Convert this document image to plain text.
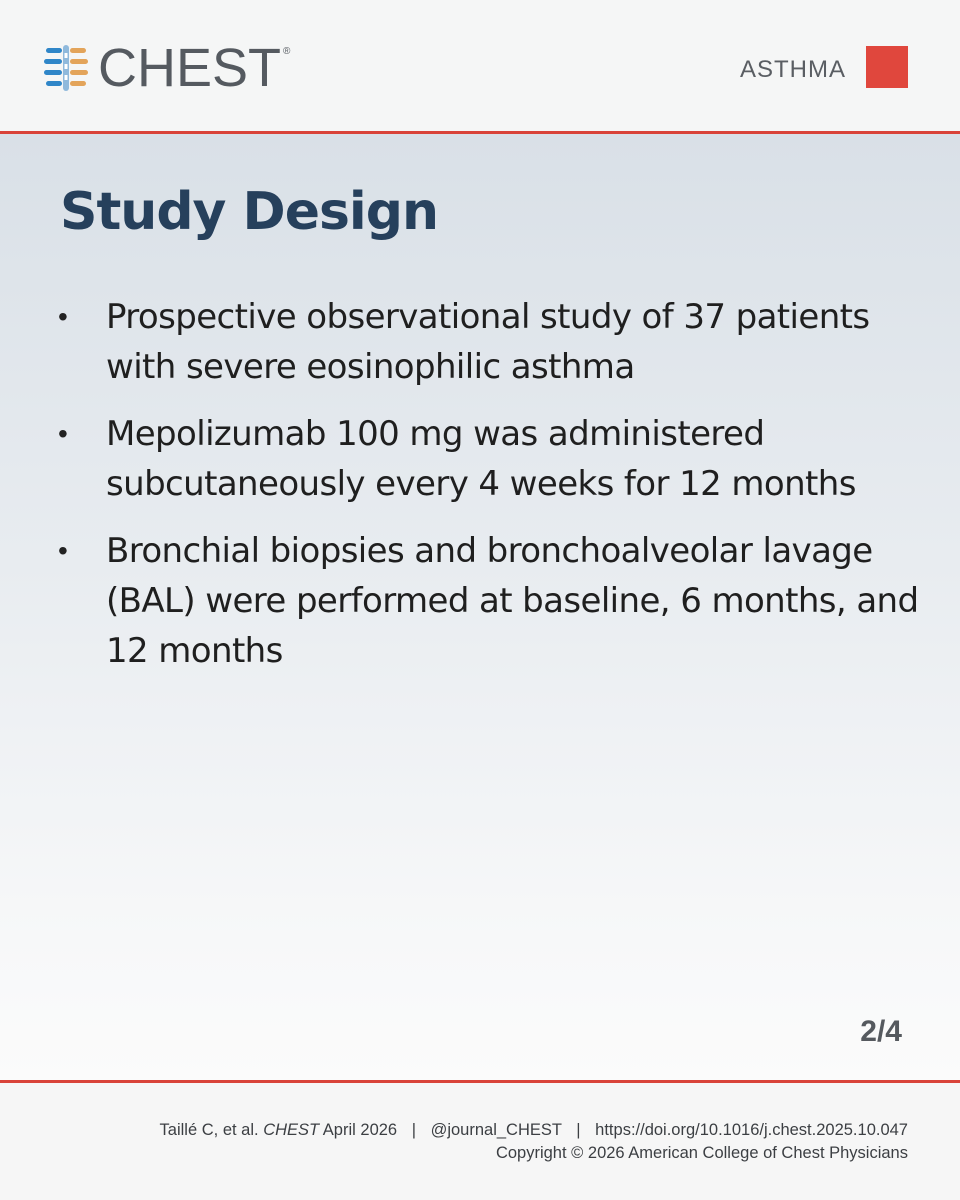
CHEST ®
ASTHMA
Study Design
•	Prospective observational study of 37 patients with severe eosinophilic asthma
•	Mepolizumab 100 mg was administered subcutaneously every 4 weeks for 12 months
•	Bronchial biopsies and bronchoalveolar lavage (BAL) were performed at baseline, 6 months, and 12 months
2/4
Taillé C, et al. CHEST April 2026 | @journal_CHEST | https://doi.org/10.1016/j.chest.2025.10.047
Copyright © 2026 American College of Chest Physicians
